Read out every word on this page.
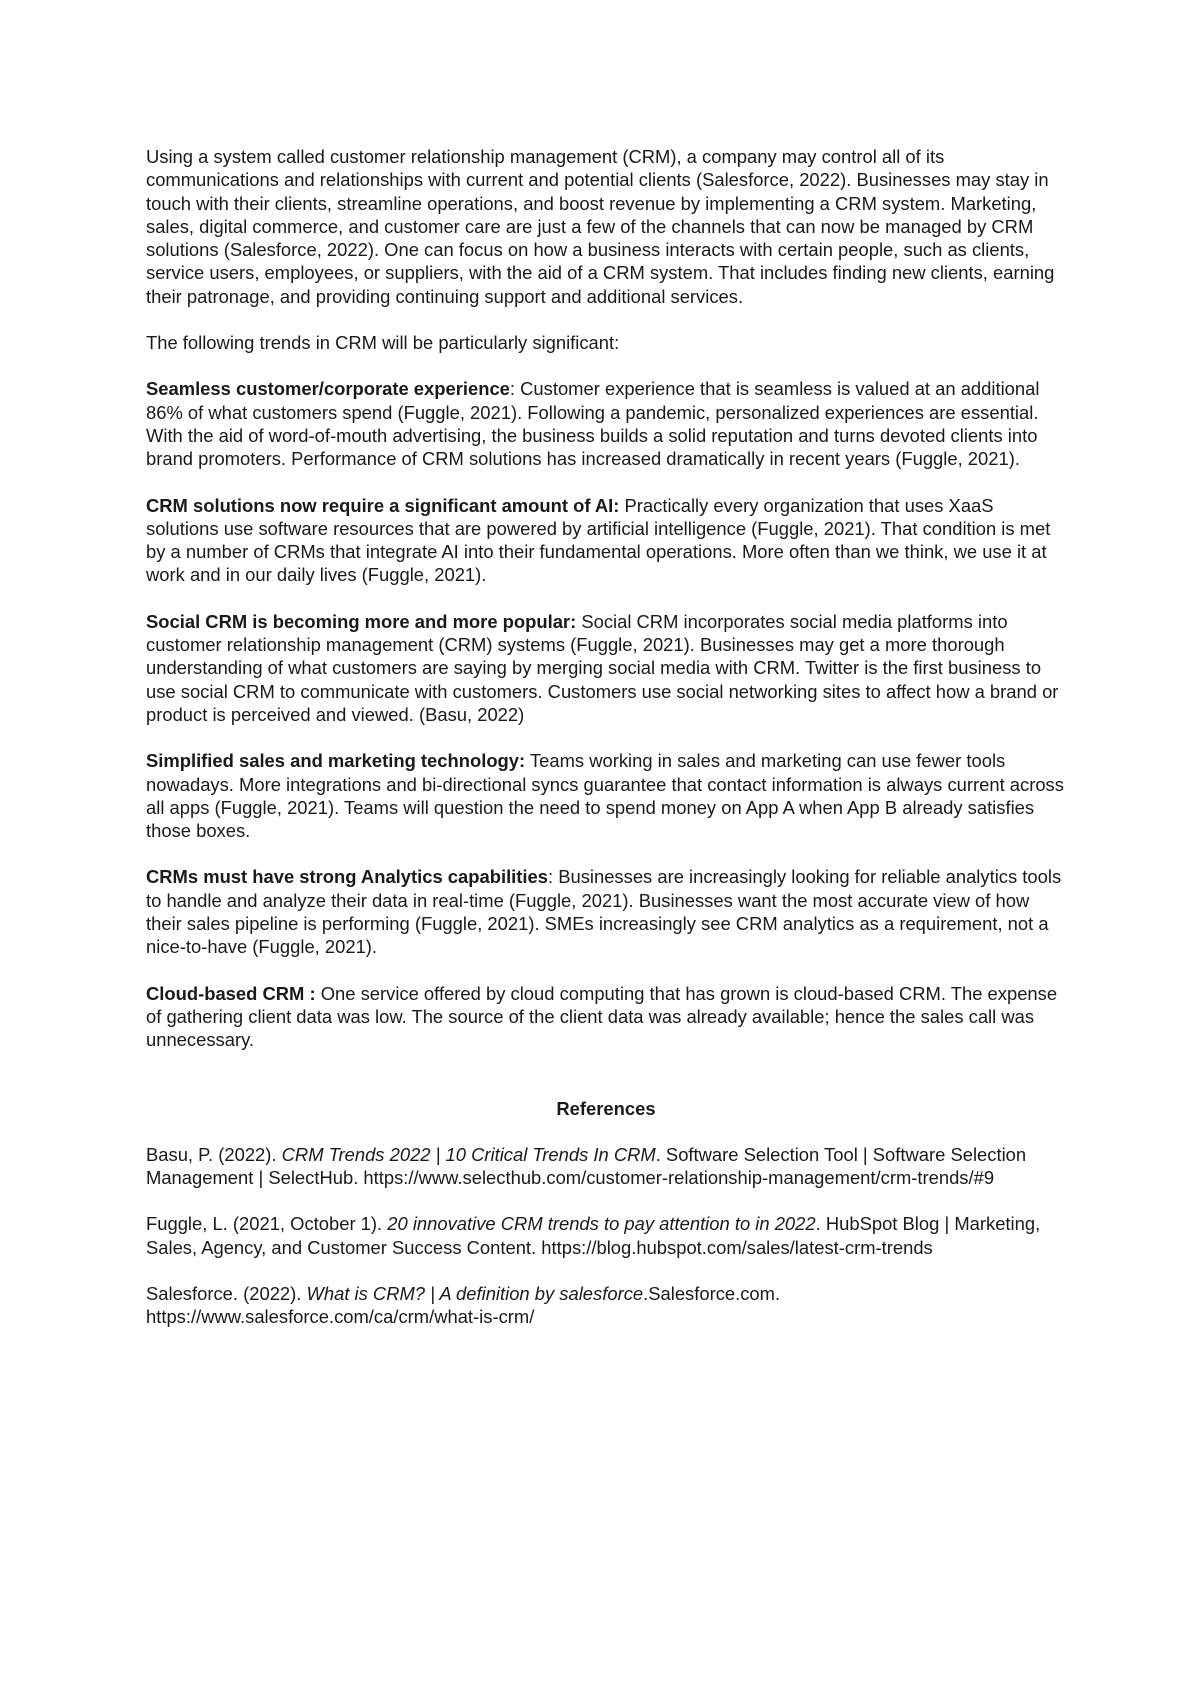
Using a system called customer relationship management (CRM), a company may control all of its communications and relationships with current and potential clients (Salesforce, 2022). Businesses may stay in touch with their clients, streamline operations, and boost revenue by implementing a CRM system. Marketing, sales, digital commerce, and customer care are just a few of the channels that can now be managed by CRM solutions (Salesforce, 2022). One can focus on how a business interacts with certain people, such as clients, service users, employees, or suppliers, with the aid of a CRM system. That includes finding new clients, earning their patronage, and providing continuing support and additional services.

The following trends in CRM will be particularly significant:

Seamless customer/corporate experience: Customer experience that is seamless is valued at an additional 86% of what customers spend (Fuggle, 2021). Following a pandemic, personalized experiences are essential. With the aid of word-of-mouth advertising, the business builds a solid reputation and turns devoted clients into brand promoters. Performance of CRM solutions has increased dramatically in recent years (Fuggle, 2021).

CRM solutions now require a significant amount of AI: Practically every organization that uses XaaS solutions use software resources that are powered by artificial intelligence (Fuggle, 2021). That condition is met by a number of CRMs that integrate AI into their fundamental operations. More often than we think, we use it at work and in our daily lives (Fuggle, 2021).

Social CRM is becoming more and more popular: Social CRM incorporates social media platforms into customer relationship management (CRM) systems (Fuggle, 2021). Businesses may get a more thorough understanding of what customers are saying by merging social media with CRM. Twitter is the first business to use social CRM to communicate with customers. Customers use social networking sites to affect how a brand or product is perceived and viewed. (Basu, 2022)

Simplified sales and marketing technology: Teams working in sales and marketing can use fewer tools nowadays. More integrations and bi-directional syncs guarantee that contact information is always current across all apps (Fuggle, 2021). Teams will question the need to spend money on App A when App B already satisfies those boxes.

CRMs must have strong Analytics capabilities: Businesses are increasingly looking for reliable analytics tools to handle and analyze their data in real-time (Fuggle, 2021). Businesses want the most accurate view of how their sales pipeline is performing (Fuggle, 2021). SMEs increasingly see CRM analytics as a requirement, not a nice-to-have (Fuggle, 2021).

Cloud-based CRM : One service offered by cloud computing that has grown is cloud-based CRM. The expense of gathering client data was low. The source of the client data was already available; hence the sales call was unnecessary.

References
Basu, P. (2022). CRM Trends 2022 | 10 Critical Trends In CRM. Software Selection Tool | Software Selection Management | SelectHub. https://www.selecthub.com/customer-relationship-management/crm-trends/#9
Fuggle, L. (2021, October 1). 20 innovative CRM trends to pay attention to in 2022. HubSpot Blog | Marketing, Sales, Agency, and Customer Success Content. https://blog.hubspot.com/sales/latest-crm-trends
Salesforce. (2022). What is CRM? | A definition by salesforce.Salesforce.com. https://www.salesforce.com/ca/crm/what-is-crm/
